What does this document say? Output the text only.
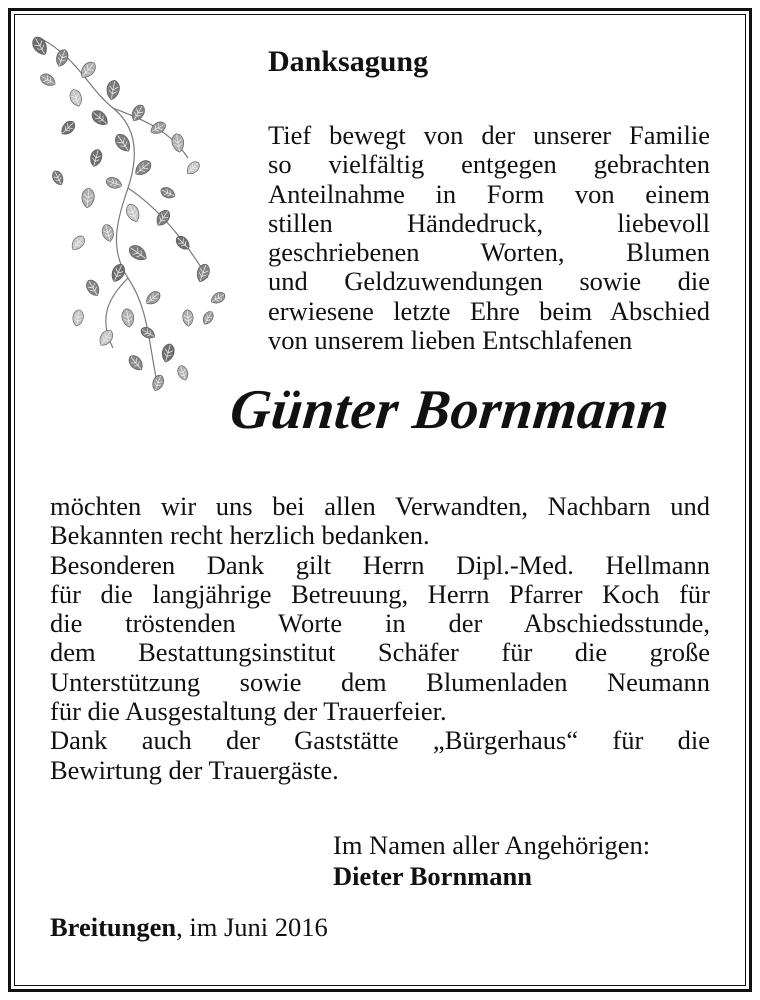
Danksagung
Tief bewegt von der unserer Familie
so vielfältig entgegen gebrachten
Anteilnahme in Form von einem
stillen Händedruck, liebevoll
geschriebenen Worten, Blumen
und Geldzuwendungen sowie die
erwiesene letzte Ehre beim Abschied
von unserem lieben Entschlafenen
Günter Bornmann
möchten wir uns bei allen Verwandten, Nachbarn und
Bekannten recht herzlich bedanken.
Besonderen Dank gilt Herrn Dipl.-Med. Hellmann
für die langjährige Betreuung, Herrn Pfarrer Koch für
die tröstenden Worte in der Abschiedsstunde,
dem Bestattungsinstitut Schäfer für die große
Unterstützung sowie dem Blumenladen Neumann
für die Ausgestaltung der Trauerfeier.
Dank auch der Gaststätte „Bürgerhaus“ für die
Bewirtung der Trauergäste.
Im Namen aller Angehörigen:
Dieter Bornmann
Breitungen, im Juni 2016
